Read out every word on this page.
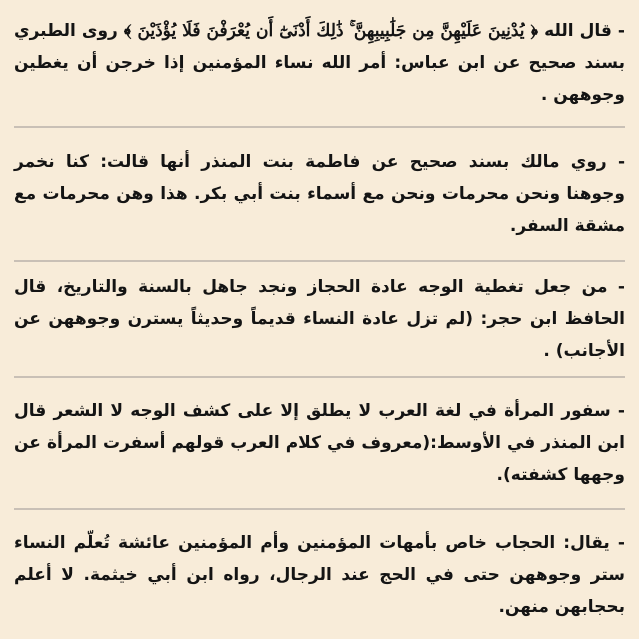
- قال الله ﴿ يُدْنِينَ عَلَيْهِنَّ مِن جَلَٰبِيبِهِنَّ ۚ ذَٰلِكَ أَدْنَىٰٓ أَن يُعْرَفْنَ فَلَا يُؤْذَيْنَ ﴾ روى الطبري بسند صحيح عن ابن عباس: أمر الله نساء المؤمنين إذا خرجن أن يغطين وجوههن .

- روي مالك بسند صحيح عن فاطمة بنت المنذر أنها قالت: كنا نخمر وجوهنا ونحن محرمات ونحن مع أسماء بنت أبي بكر. هذا وهن محرمات مع مشقة السفر.

- من جعل تغطية الوجه عادة الحجاز ونجد جاهل بالسنة والتاريخ، قال الحافظ ابن حجر: (لم تزل عادة النساء قديماً وحديثاً يسترن وجوههن عن الأجانب) .

- سفور المرأة في لغة العرب لا يطلق إلا على كشف الوجه لا الشعر قال ابن المنذر في الأوسط:(معروف في كلام العرب قولهم أسفرت المرأة عن وجهها كشفته).

- يقال: الحجاب خاص بأمهات المؤمنين وأم المؤمنين عائشة تُعلّم النساء ستر وجوههن حتى في الحج عند الرجال، رواه ابن أبي خيثمة. لا أعلم بحجابهن منهن.
